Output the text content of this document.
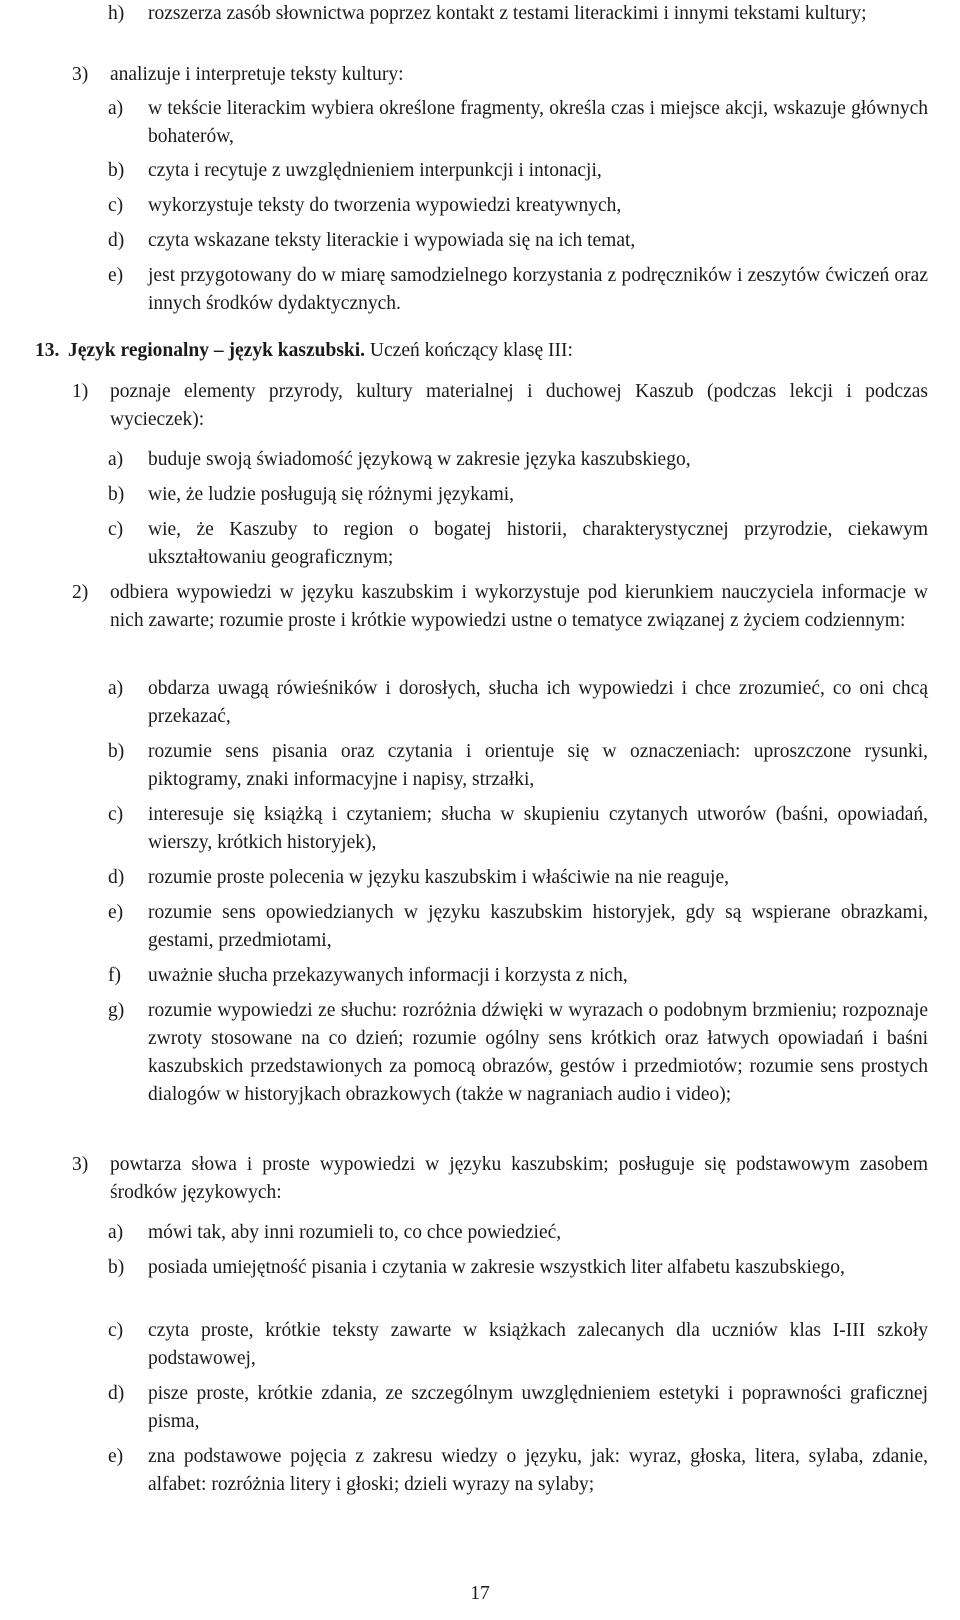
h) rozszerza zasób słownictwa poprzez kontakt z testami literackimi i innymi tekstami kultury;
3) analizuje i interpretuje teksty kultury:
a) w tekście literackim wybiera określone fragmenty, określa czas i miejsce akcji, wskazuje głównych bohaterów,
b) czyta i recytuje z uwzględnieniem interpunkcji i intonacji,
c) wykorzystuje teksty do tworzenia wypowiedzi kreatywnych,
d) czyta wskazane teksty literackie i wypowiada się na ich temat,
e) jest przygotowany do w miarę samodzielnego korzystania z podręczników i zeszytów ćwiczeń oraz innych środków dydaktycznych.
13. Język regionalny – język kaszubski. Uczeń kończący klasę III:
1) poznaje elementy przyrody, kultury materialnej i duchowej Kaszub (podczas lekcji i podczas wycieczek):
a) buduje swoją świadomość językową w zakresie języka kaszubskiego,
b) wie, że ludzie posługują się różnymi językami,
c) wie, że Kaszuby to region o bogatej historii, charakterystycznej przyrodzie, ciekawym ukształtowaniu geograficznym;
2) odbiera wypowiedzi w języku kaszubskim i wykorzystuje pod kierunkiem nauczyciela informacje w nich zawarte; rozumie proste i krótkie wypowiedzi ustne o tematyce związanej z życiem codziennym:
a) obdarza uwagą rówieśników i dorosłych, słucha ich wypowiedzi i chce zrozumieć, co oni chcą przekazać,
b) rozumie sens pisania oraz czytania i orientuje się w oznaczeniach: uproszczone rysunki, piktogramy, znaki informacyjne i napisy, strzałki,
c) interesuje się książką i czytaniem; słucha w skupieniu czytanych utworów (baśni, opowiadań, wierszy, krótkich historyjek),
d) rozumie proste polecenia w języku kaszubskim i właściwie na nie reaguje,
e) rozumie sens opowiedzianych w języku kaszubskim historyjek, gdy są wspierane obrazkami, gestami, przedmiotami,
f) uważnie słucha przekazywanych informacji i korzysta z nich,
g) rozumie wypowiedzi ze słuchu: rozróżnia dźwięki w wyrazach o podobnym brzmieniu; rozpoznaje zwroty stosowane na co dzień; rozumie ogólny sens krótkich oraz łatwych opowiadań i baśni kaszubskich przedstawionych za pomocą obrazów, gestów i przedmiotów; rozumie sens prostych dialogów w historyjkach obrazkowych (także w nagraniach audio i video);
3) powtarza słowa i proste wypowiedzi w języku kaszubskim; posługuje się podstawowym zasobem środków językowych:
a) mówi tak, aby inni rozumieli to, co chce powiedzieć,
b) posiada umiejętność pisania i czytania w zakresie wszystkich liter alfabetu kaszubskiego,
c) czyta proste, krótkie teksty zawarte w książkach zalecanych dla uczniów klas I-III szkoły podstawowej,
d) pisze proste, krótkie zdania, ze szczególnym uwzględnieniem estetyki i poprawności graficznej pisma,
e) zna podstawowe pojęcia z zakresu wiedzy o języku, jak: wyraz, głoska, litera, sylaba, zdanie, alfabet: rozróżnia litery i głoski; dzieli wyrazy na sylaby;
17
